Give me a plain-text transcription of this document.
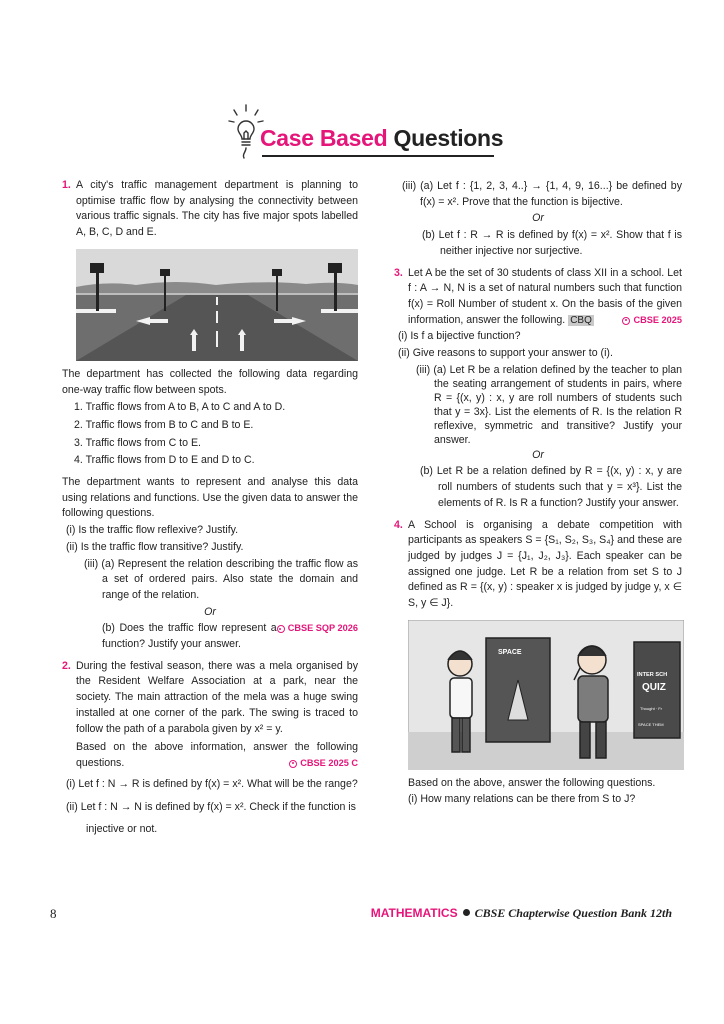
Case Based Questions
1. A city's traffic management department is planning to optimise traffic flow by analysing the connectivity between various traffic signals. The city has five major spots labelled A, B, C, D and E.

The department has collected the following data regarding one-way traffic flow between spots.

1. Traffic flows from A to B, A to C and A to D.
2. Traffic flows from B to C and B to E.
3. Traffic flows from C to E.
4. Traffic flows from D to E and D to C.

The department wants to represent and analyse this data using relations and functions. Use the given data to answer the following questions.

(i) Is the traffic flow reflexive? Justify.
(ii) Is the traffic flow transitive? Justify.
(iii) (a) Represent the relation describing the traffic flow as a set of ordered pairs. Also state the domain and range of the relation.
Or
CBSE SQP 2026
(b) Does the traffic flow represent a function? Justify your answer.
2. During the festival season, there was a mela organised by the Resident Welfare Association at a park, near the society. The main attraction of the mela was a huge swing installed at one corner of the park. The swing is traced to follow the path of a parabola given by x² = y.

Based on the above information, answer the following questions.	CBSE 2025 C

(i) Let f : N → R is defined by f(x) = x². What will be the range?
(ii) Let f : N → N is defined by f(x) = x². Check if the function is injective or not.
(iii) (a) Let f : {1, 2, 3, 4..} → {1, 4, 9, 16...} be defined by f(x) = x². Prove that the function is bijective.
Or
(b) Let f : R → R is defined by f(x) = x². Show that f is neither injective nor surjective.
3. Let A be the set of 30 students of class XII in a school. Let f : A → N, N is a set of natural numbers such that function f(x) = Roll Number of student x. On the basis of the given information, answer the following. CBQ	CBSE 2025

(i) Is f a bijective function?
(ii) Give reasons to support your answer to (i).
(iii) (a) Let R be a relation defined by the teacher to plan the seating arrangement of students in pairs, where R = {(x, y) : x, y are roll numbers of students such that y = 3x}. List the elements of R. Is the relation R reflexive, symmetric and transitive? Justify your answer.
Or
(b) Let R be a relation defined by R = {(x, y) : x, y are roll numbers of students such that y = x³}. List the elements of R. Is R a function? Justify your answer.
4. A School is organising a debate competition with participants as speakers S = {S₁, S₂, S₃, S₄} and these are judged by judges J = {J₁, J₂, J₃}. Each speaker can be assigned one judge. Let R be a relation from set S to J defined as R = {(x, y) : speaker x is judged by judge y, x ∈ S, y ∈ J}.

SPACE
INTER SCH
QUIZ
Thought · Fr
SPACE THEM

Based on the above, answer the following questions.

(i) How many relations can be there from S to J?
8	MATHEMATICS CBSE Chapterwise Question Bank 12th
